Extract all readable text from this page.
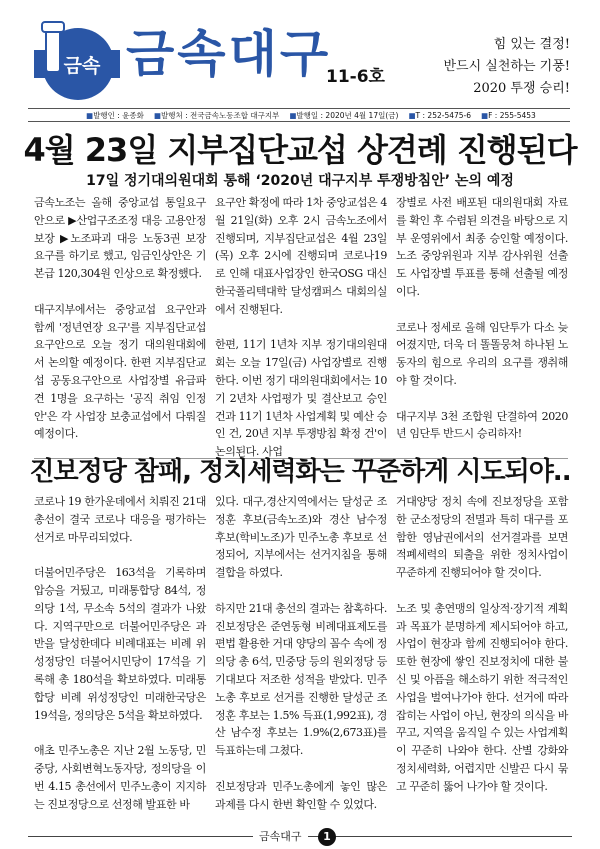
금속 금속대구
11-6호
힘 있는 결정!
반드시 실천하는 기풍!
2020 투쟁 승리!
■발행인 : 윤종화 ■발행처 : 전국금속노동조합 대구지부 ■발행일 : 2020년 4월 17일(금) ■T : 252-5475-6 ■F : 255-5453
4월 23일 지부집단교섭 상견례 진행된다
17일 정기대의원대회 통해 ‘2020년 대구지부 투쟁방침안’ 논의 예정

금속노조는 올해 중앙교섭 통일요구안으로 ▶산업구조조정 대응 고용안정 보장 ▶노조파괴 대응 노동3권 보장 요구를 하기로 했고, 임금인상안은 기본급 120,304원 인상으로 확정했다.

대구지부에서는 중앙교섭 요구안과 함께 '정년연장 요구'를 지부집단교섭 요구안으로 오늘 정기 대의원대회에서 논의할 예정이다. 한편 지부집단교섭 공동요구안으로 사업장별 유급파견 1명을 요구하는 '공직 취임 인정안'은 각 사업장 보충교섭에서 다뤄질 예정이다.

요구안 확정에 따라 1차 중앙교섭은 4월 21일(화) 오후 2시 금속노조에서 진행되며, 지부집단교섭은 4월 23일(목) 오후 2시에 진행되며 코로나19로 인해 대표사업장인 한국OSG 대신 한국폴리텍대학 달성캠퍼스 대회의실에서 진행된다.

한편, 11기 1년차 지부 정기대의원대회는 오늘 17일(금) 사업장별로 진행한다. 이번 정기 대의원대회에서는 10기 2년차 사업평가 및 결산보고 승인 건과 11기 1년차 사업계획 및 예산 승인 건, 20년 지부 투쟁방침 확정 건'이 논의된다. 사업

장별로 사전 배포된 대의원대회 자료를 확인 후 수렴된 의견을 바탕으로 지부 운영위에서 최종 승인할 예정이다. 노조 중앙위원과 지부 감사위원 선출도 사업장별 투표를 통해 선출될 예정이다.

코로나 정세로 올해 임단투가 다소 늦어졌지만, 더욱 더 똘똘뭉쳐 하나된 노동자의 힘으로 우리의 요구를 쟁취해야 할 것이다.

대구지부 3천 조합원 단결하여 2020년 임단투 반드시 승리하자!

진보정당 참패, 정치세력화는 꾸준하게 시도되야..

코로나 19 한가운데에서 치뤄진 21대 총선이 결국 코로나 대응을 평가하는 선거로 마무리되었다.

더불어민주당은 163석을 기록하며 압승을 거뒀고, 미래통합당 84석, 정의당 1석, 무소속 5석의 결과가 나왔다. 지역구만으로 더불어민주당은 과반을 달성한데다 비례대표는 비례 위성정당인 더불어시민당이 17석을 기록해 총 180석을 확보하였다. 미래통합당 비례 위성정당인 미래한국당은 19석을, 정의당은 5석을 확보하였다.

애초 민주노총은 지난 2월 노동당, 민중당, 사회변혁노동자당, 정의당을 이번 4.15 총선에서 민주노총이 지지하는 진보정당으로 선정해 발표한 바

있다. 대구,경산지역에서는 달성군 조정훈 후보(금속노조)와 경산 남수정 후보(학비노조)가 민주노총 후보로 선정되어, 지부에서는 선거지침을 통해 결합을 하였다.

하지만 21대 총선의 결과는 참혹하다. 진보정당은 준연동형 비례대표제도를 편법 활용한 거대 양당의 꼼수 속에 정의당 총 6석, 민중당 등의 원외정당 등 기대보다 저조한 성적을 받았다. 민주노총 후보로 선거를 진행한 달성군 조정훈 후보는 1.5% 득표(1,992표), 경산 남수정 후보는 1.9%(2,673표)를 득표하는데 그쳤다.

진보정당과 민주노총에게 놓인 많은 과제를 다시 한번 확인할 수 있었다.

거대양당 정치 속에 진보정당을 포함한 군소정당의 전멸과 특히 대구를 포함한 영남권에서의 선거결과를 보면 적폐세력의 퇴출을 위한 정치사업이 꾸준하게 진행되어야 할 것이다.

노조 및 총연맹의 일상적·장기적 계획과 목표가 분명하게 제시되어야 하고, 사업이 현장과 함께 진행되어야 한다. 또한 현장에 쌓인 진보정치에 대한 불신 및 아픔을 해소하기 위한 적극적인 사업을 벌여나가야 한다. 선거에 따라 잡히는 사업이 아닌, 현장의 의식을 바꾸고, 지역을 움직일 수 있는 사업계획이 꾸준히 나와야 한다. 산별 강화와 정치세력화, 어렵지만 신발끈 다시 묶고 꾸준히 뚫어 나가야 할 것이다.

금속대구	1
